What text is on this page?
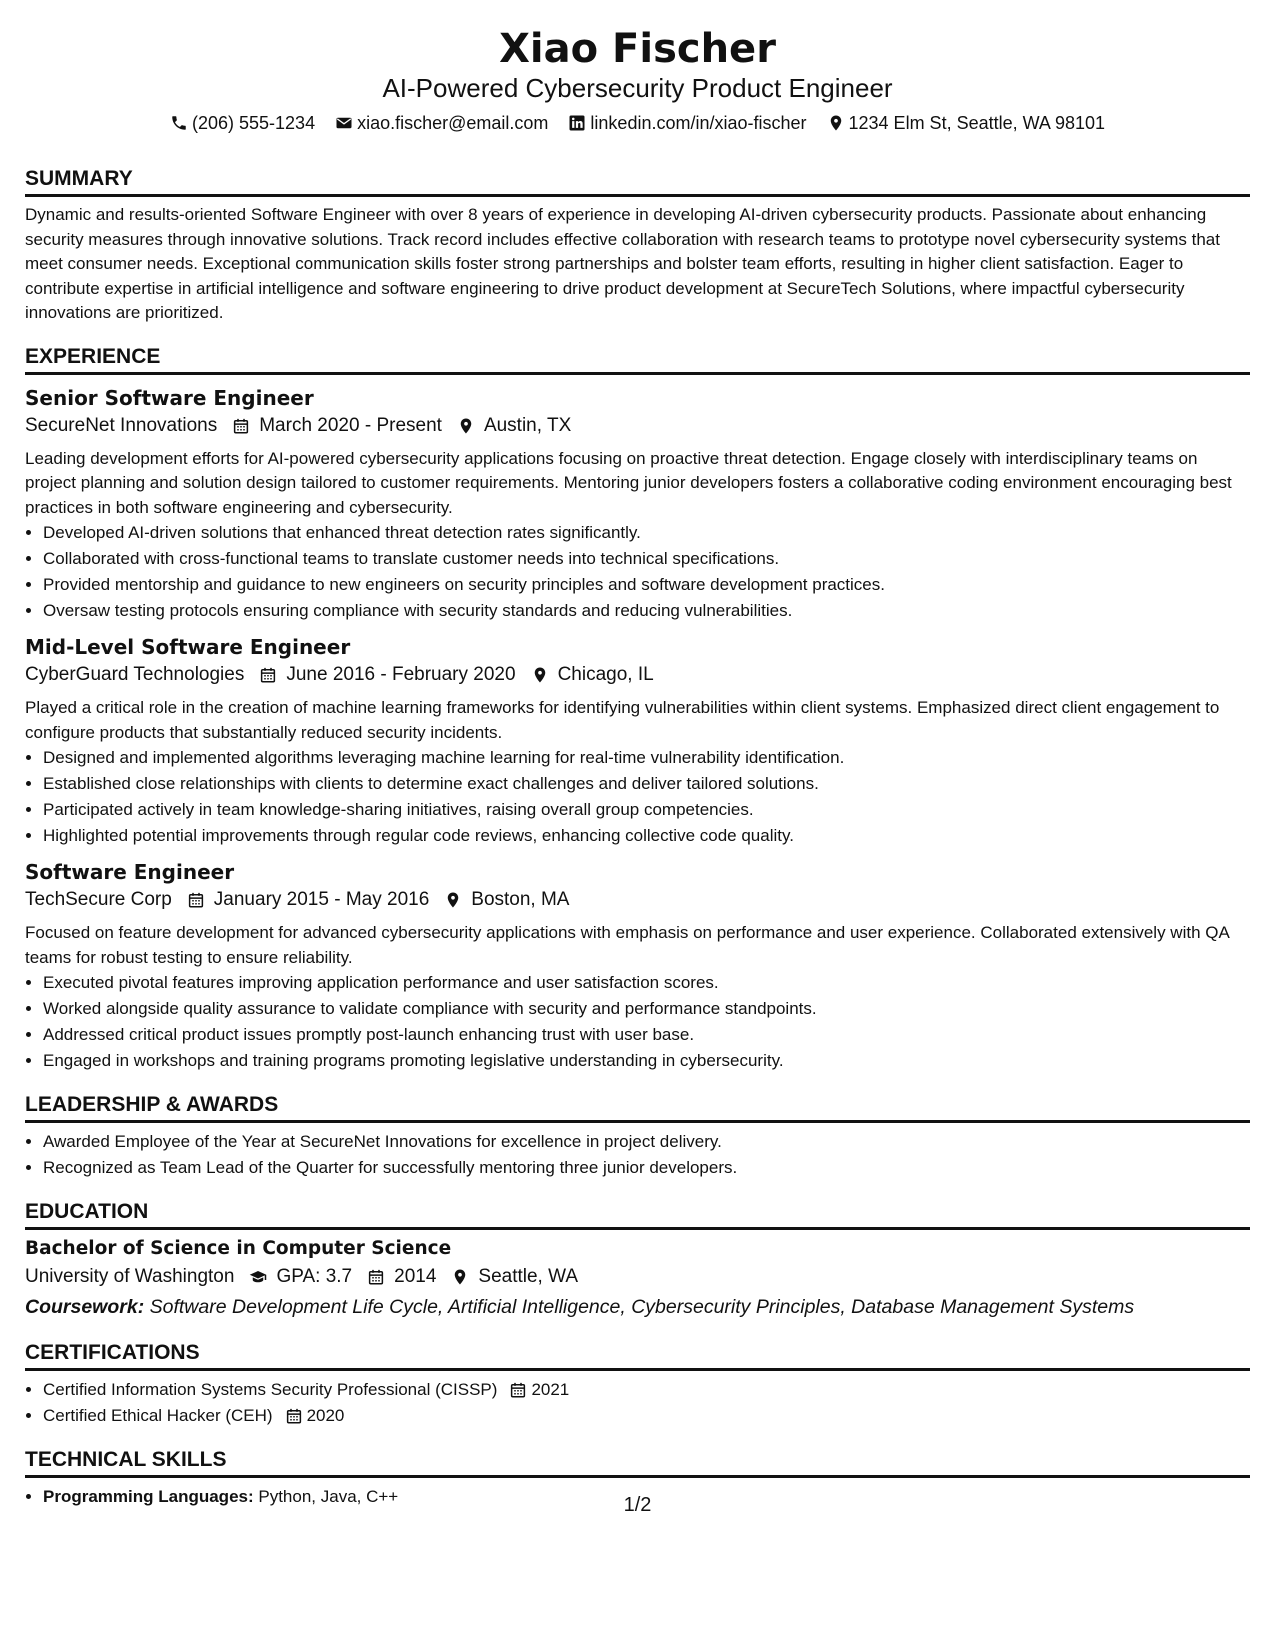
Xiao Fischer
AI-Powered Cybersecurity Product Engineer
(206) 555-1234 xiao.fischer@email.com linkedin.com/in/xiao-fischer 1234 Elm St, Seattle, WA 98101
SUMMARY

Dynamic and results-oriented Software Engineer with over 8 years of experience in developing AI-driven cybersecurity products. Passionate about enhancing security measures through innovative solutions. Track record includes effective collaboration with research teams to prototype novel cybersecurity systems that meet consumer needs. Exceptional communication skills foster strong partnerships and bolster team efforts, resulting in higher client satisfaction. Eager to contribute expertise in artificial intelligence and software engineering to drive product development at SecureTech Solutions, where impactful cybersecurity innovations are prioritized.

EXPERIENCE
Senior Software Engineer
SecureNet Innovations March 2020 - Present Austin, TX

Leading development efforts for AI-powered cybersecurity applications focusing on proactive threat detection. Engage closely with interdisciplinary teams on project planning and solution design tailored to customer requirements. Mentoring junior developers fosters a collaborative coding environment encouraging best practices in both software engineering and cybersecurity.

• Developed AI-driven solutions that enhanced threat detection rates significantly.
• Collaborated with cross-functional teams to translate customer needs into technical specifications.
• Provided mentorship and guidance to new engineers on security principles and software development practices.
• Oversaw testing protocols ensuring compliance with security standards and reducing vulnerabilities.
Mid-Level Software Engineer
CyberGuard Technologies June 2016 - February 2020 Chicago, IL

Played a critical role in the creation of machine learning frameworks for identifying vulnerabilities within client systems. Emphasized direct client engagement to configure products that substantially reduced security incidents.

• Designed and implemented algorithms leveraging machine learning for real-time vulnerability identification.
• Established close relationships with clients to determine exact challenges and deliver tailored solutions.
• Participated actively in team knowledge-sharing initiatives, raising overall group competencies.
• Highlighted potential improvements through regular code reviews, enhancing collective code quality.
Software Engineer
TechSecure Corp January 2015 - May 2016 Boston, MA

Focused on feature development for advanced cybersecurity applications with emphasis on performance and user experience. Collaborated extensively with QA teams for robust testing to ensure reliability.

• Executed pivotal features improving application performance and user satisfaction scores.
• Worked alongside quality assurance to validate compliance with security and performance standpoints.
• Addressed critical product issues promptly post-launch enhancing trust with user base.
• Engaged in workshops and training programs promoting legislative understanding in cybersecurity.
LEADERSHIP & AWARDS
• Awarded Employee of the Year at SecureNet Innovations for excellence in project delivery.
• Recognized as Team Lead of the Quarter for successfully mentoring three junior developers.
EDUCATION
Bachelor of Science in Computer Science
University of Washington GPA: 3.7 2014 Seattle, WA
Coursework: Software Development Life Cycle, Artificial Intelligence, Cybersecurity Principles, Database Management Systems
CERTIFICATIONS
• Certified Information Systems Security Professional (CISSP) 2021
• Certified Ethical Hacker (CEH) 2020
TECHNICAL SKILLS
• Programming Languages: Python, Java, C++	1/2
